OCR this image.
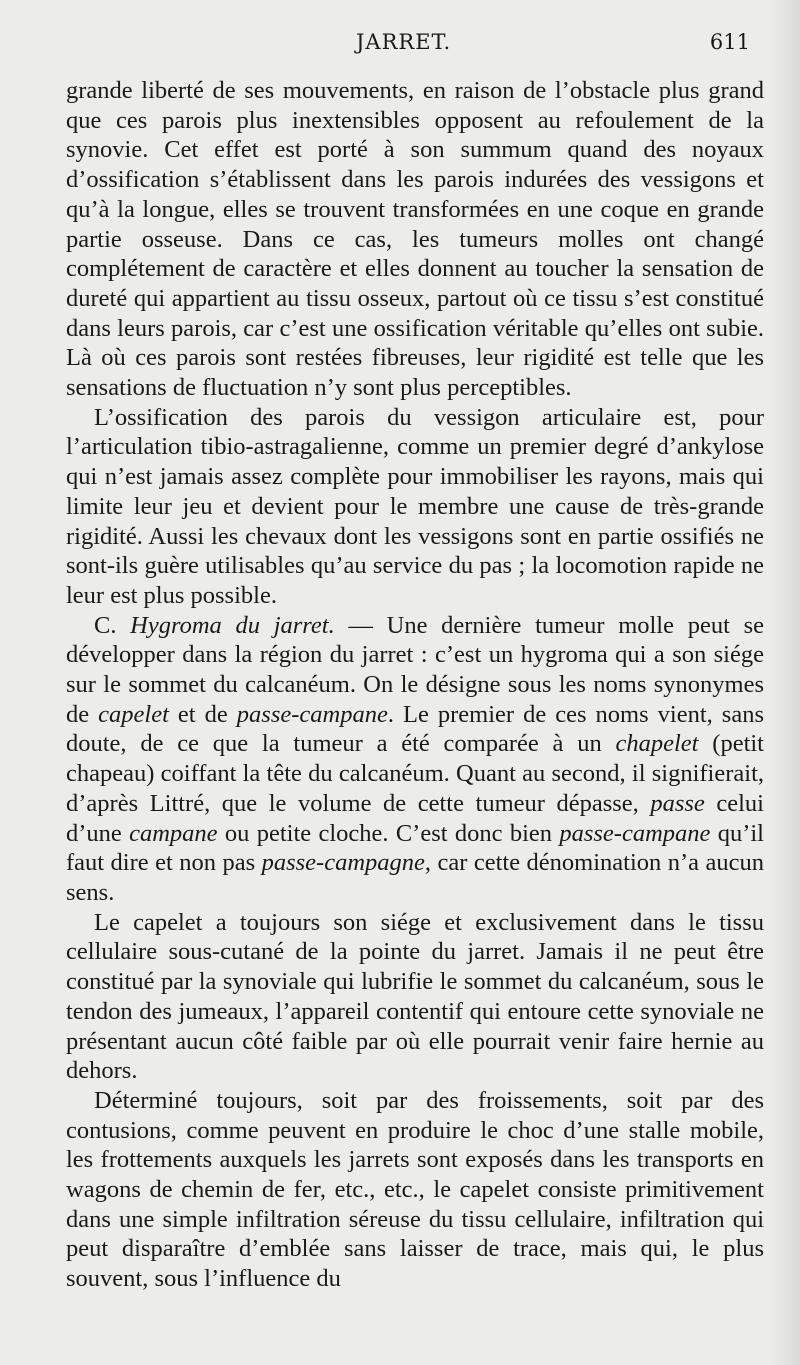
JARRET.	611

grande liberté de ses mouvements, en raison de l’obstacle plus grand que ces parois plus inextensibles opposent au refoulement de la synovie. Cet effet est porté à son summum quand des noyaux d’ossification s’établissent dans les parois indurées des vessigons et qu’à la longue, elles se trouvent transformées en une coque en grande partie osseuse. Dans ce cas, les tumeurs molles ont changé complétement de caractère et elles donnent au toucher la sensation de dureté qui appartient au tissu osseux, partout où ce tissu s’est constitué dans leurs parois, car c’est une ossification véritable qu’elles ont subie. Là où ces parois sont restées fibreuses, leur rigidité est telle que les sensations de fluctuation n’y sont plus perceptibles.

L’ossification des parois du vessigon articulaire est, pour l’articulation tibio-astragalienne, comme un premier degré d’ankylose qui n’est jamais assez complète pour immobiliser les rayons, mais qui limite leur jeu et devient pour le membre une cause de très-grande rigidité. Aussi les chevaux dont les vessigons sont en partie ossifiés ne sont-ils guère utilisables qu’au service du pas ; la locomotion rapide ne leur est plus possible.

C. Hygroma du jarret. — Une dernière tumeur molle peut se développer dans la région du jarret : c’est un hygroma qui a son siége sur le sommet du calcanéum. On le désigne sous les noms synonymes de capelet et de passe-campane. Le premier de ces noms vient, sans doute, de ce que la tumeur a été comparée à un chapelet (petit chapeau) coiffant la tête du calcanéum. Quant au second, il signifierait, d’après Littré, que le volume de cette tumeur dépasse, passe celui d’une campane ou petite cloche. C’est donc bien passe-campane qu’il faut dire et non pas passe-campagne, car cette dénomination n’a aucun sens.

Le capelet a toujours son siége et exclusivement dans le tissu cellulaire sous-cutané de la pointe du jarret. Jamais il ne peut être constitué par la synoviale qui lubrifie le sommet du calcanéum, sous le tendon des jumeaux, l’appareil contentif qui entoure cette synoviale ne présentant aucun côté faible par où elle pourrait venir faire hernie au dehors.

Déterminé toujours, soit par des froissements, soit par des contusions, comme peuvent en produire le choc d’une stalle mobile, les frottements auxquels les jarrets sont exposés dans les transports en wagons de chemin de fer, etc., etc., le capelet consiste primitivement dans une simple infiltration séreuse du tissu cellulaire, infiltration qui peut disparaître d’emblée sans laisser de trace, mais qui, le plus souvent, sous l’influence du
